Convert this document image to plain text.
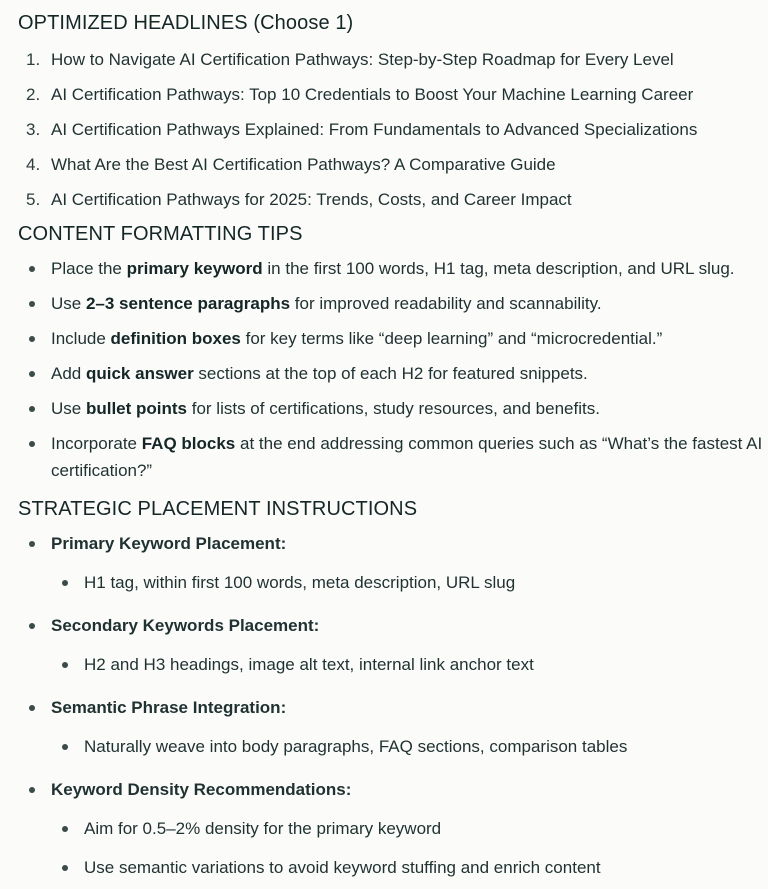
OPTIMIZED HEADLINES (Choose 1)
1. How to Navigate AI Certification Pathways: Step-by-Step Roadmap for Every Level
2. AI Certification Pathways: Top 10 Credentials to Boost Your Machine Learning Career
3. AI Certification Pathways Explained: From Fundamentals to Advanced Specializations
4. What Are the Best AI Certification Pathways? A Comparative Guide
5. AI Certification Pathways for 2025: Trends, Costs, and Career Impact
CONTENT FORMATTING TIPS
Place the primary keyword in the first 100 words, H1 tag, meta description, and URL slug.
Use 2–3 sentence paragraphs for improved readability and scannability.
Include definition boxes for key terms like “deep learning” and “microcredential.”
Add quick answer sections at the top of each H2 for featured snippets.
Use bullet points for lists of certifications, study resources, and benefits.
Incorporate FAQ blocks at the end addressing common queries such as “What’s the fastest AI certification?”
STRATEGIC PLACEMENT INSTRUCTIONS
Primary Keyword Placement:
H1 tag, within first 100 words, meta description, URL slug
Secondary Keywords Placement:
H2 and H3 headings, image alt text, internal link anchor text
Semantic Phrase Integration:
Naturally weave into body paragraphs, FAQ sections, comparison tables
Keyword Density Recommendations:
Aim for 0.5–2% density for the primary keyword
Use semantic variations to avoid keyword stuffing and enrich content
